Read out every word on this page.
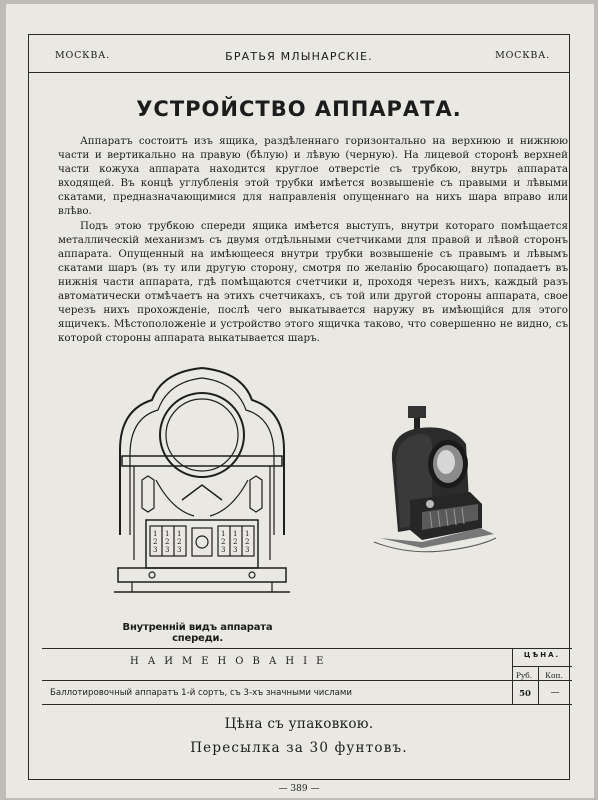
МОСКВА.	БРАТЬЯ МЛЫНАРСКІЕ.	МОСКВА.
УСТРОЙСТВО АППАРАТА.

Аппаратъ состоитъ изъ ящика, раздѣленнаго горизонтально на верхнюю и нижнюю части и вертикально на правую (бѣлую) и лѣвую (черную). На лицевой сторонѣ верхней части кожуха аппарата находится круглое отверстіе съ трубкою, внутрь аппарата входящей. Въ концѣ углубленія этой трубки имѣется возвышеніе съ правыми и лѣвыми скатами, предназначающимися для направленія опущеннаго на нихъ шара вправо или влѣво.

Подъ этою трубкою спереди ящика имѣется выступъ, внутри котораго помѣщается металлическій механизмъ съ двумя отдѣльными счетчиками для правой и лѣвой сторонъ аппарата. Опущенный на имѣющееся внутри трубки возвышеніе съ правымъ и лѣвымъ скатами шаръ (въ ту или другую сторону, смотря по желанію бросающаго) попадаетъ въ нижнія части аппарата, гдѣ помѣщаются счетчики и, проходя черезъ нихъ, каждый разъ автоматически отмѣчаетъ на этихъ счетчикахъ, съ той или другой стороны аппарата, свое черезъ нихъ прохожденіе, послѣ чего выкатывается наружу въ имѣющійся для этого ящичекъ. Мѣстоположеніе и устройство этого ящичка таково, что совершенно не видно, съ которой стороны аппарата выкатывается шаръ.

1
2
3
1
2
3
1
2
3
1
2
3
1
2
3
1
2
3
Внутренній видъ аппарата спереди.
НАИМЕНОВАНІЕ
ЦѢНА.
Руб.	Коп.
Баллотировочный аппаратъ 1-й сортъ, съ 3-хъ значными числами	50	—
Цѣна съ упаковкою.
Пересылка за 30 фунтовъ.
— 389 —
